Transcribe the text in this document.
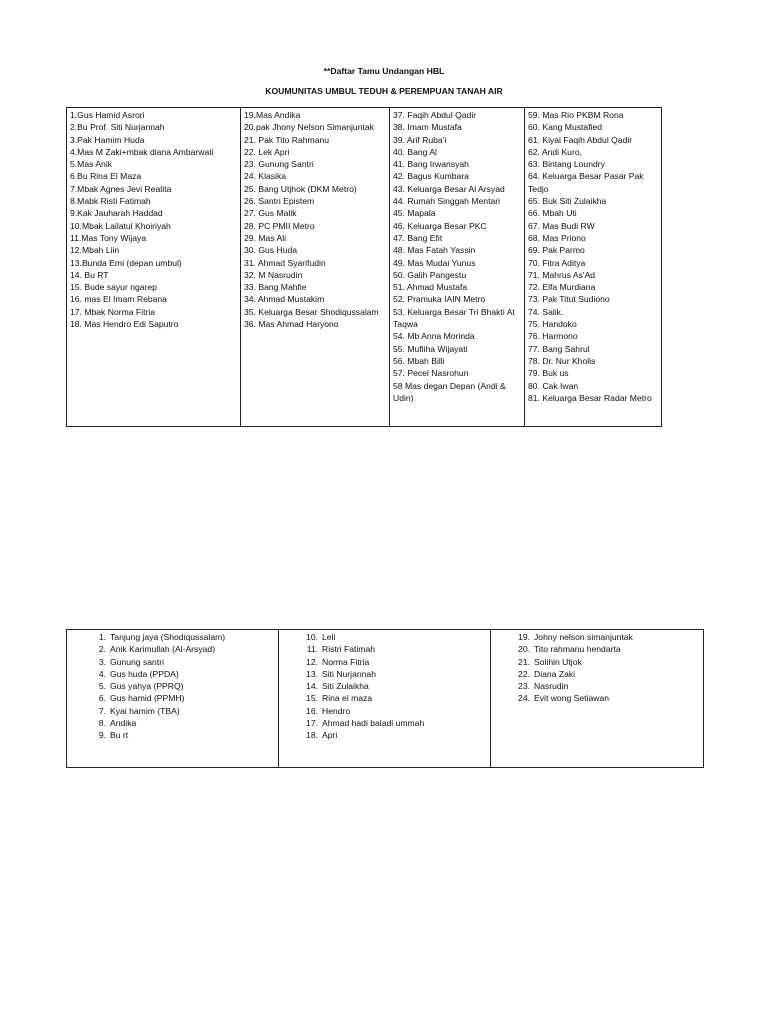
**Daftar Tamu Undangan HBL
KOUMUNITAS UMBUL TEDUH & PEREMPUAN TANAH AIR
1.Gus Hamid Asrori
2.Bu Prof. Siti Nurjannah
3.Pak Hamim Huda
4.Mas M Zaki+mbak diana Ambarwati
5.Mas Anik
6.Bu Rina El Maza
7.Mbak Agnes Jevi Realita
8.Mabk Risti Fatimah
9.Kak Jauharah Haddad
10.Mbak Lailatul Khoiriyah
11.Mas Tony Wijaya
12.Mbah Liin
13.Bunda Emi (depan umbul)
14. Bu RT
15. Bude sayur ngarep
16. mas El Imam Rebana
17. Mbak Norma Fitria
18. Mas Hendro Edi Saputro

19.Mas Andika
20.pak Jhony Nelson Simanjuntak
21. Pak Tito Rahmanu
22. Lek Apri
23. Gunung Santri
24. Klasika
25. Bang Utjhok (DKM Metro)
26. Santri Epistem
27. Gus Malik
28. PC PMII Metro
29. Mas Ali
30. Gus Huda
31. Ahmad Syarifudin
32. M Nasrudin
33. Bang Mahfie
34. Ahmad Mustakim
35. Keluarga Besar Shodiqussalam
36. Mas Ahmad Haryono

37. Faqih Abdul Qadir
38. Imam Mustafa
39. Arif Ruba'i
40. Bang Al
41. Bang Irwansyah
42. Bagus Kumbara
43. Keluarga Besar Al Arsyad
44. Rumah Singgah Mentari
45. Mapala
46. Keluarga Besar PKC
47. Bang Efit
48. Mas Fatah Yassin
49. Mas Mudai Yunus
50. Galih Pangestu
51. Ahmad Mustafa
52. Pramuka IAIN Metro
53. Keluarga Besar Tri Bhakti At Taqwa
54. Mb Anna Morinda
55. Mufliha Wijayati
56. Mbah Billi
57. Pecel Nasrohun
58 Mas degan Depan (Andi & Udin)

59. Mas Rio PKBM Rona
60. Kang Mustafied
61. Kiyai Faqih Abdul Qadir
62. Andi Kuro,
63. Bintang Loundry
64. Keluarga Besar Pasar Pak Tedjo
65. Buk Siti Zulaikha
66. Mbah Uti
67. Mas Budi RW
68. Mas Priono
69. Pak Parmo
70. Fitra Aditya
71. Mahrus As'Ad
72. Elfa Murdiana
73. Pak Titut Sudiono
74. Salik.
75. Handoko
76. Harmono
77. Bang Sahrul
78. Dr. Nur Kholis
79. Buk us
80. Cak Iwan
81. Keluarga Besar Radar Metro
1. Tanjung jaya (Shodiqussalam)
2. Anik Karimullah (Al-Arsyad)
3. Gunung santri
4. Gus huda (PPDA)
5. Gus yahya (PPRQ)
6. Gus hamid (PPMH)
7. Kyai hamim (TBA)
8. Andika
9. Bu rt

10. Leli
11. Ristri Fatimah
12. Norma Fitria
13. Siti Nurjannah
14. Siti Zulaikha
15. Rina el maza
16. Hendro
17. Ahmad hadi baladi ummah
18. Apri

19. Johny nelson simanjuntak
20. Tito rahmanu hendarta
21. Solihin Utjok
22. Diana Zaki
23. Nasrudin
24. Evit wong Setiawan
